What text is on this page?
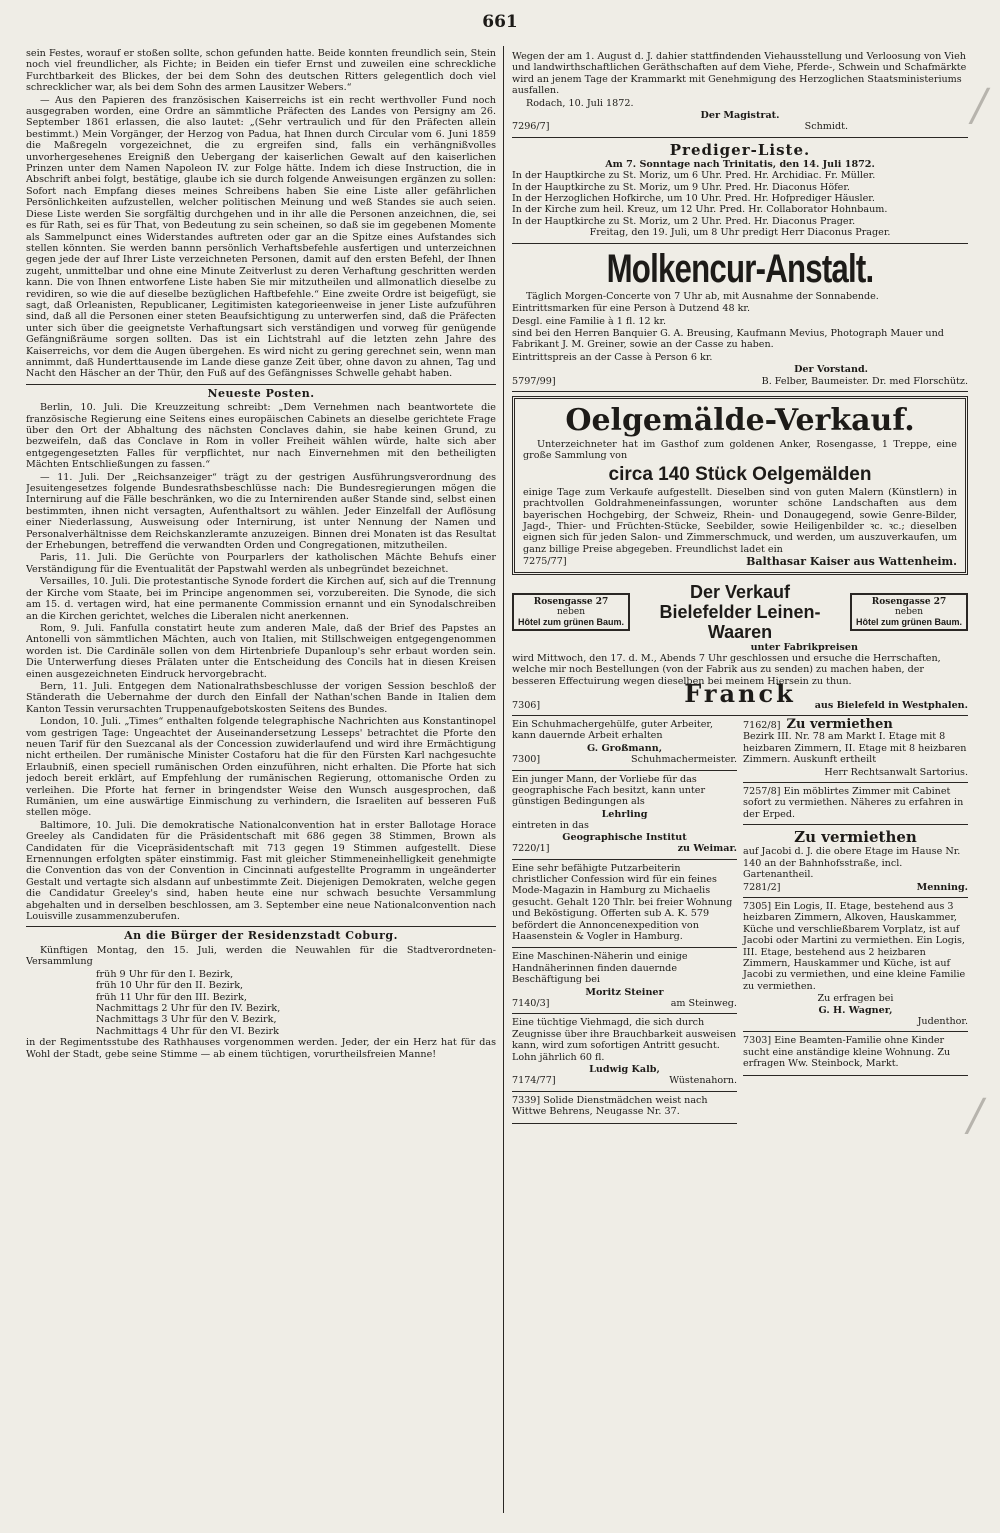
661

sein Festes, worauf er stoßen sollte, schon gefunden hatte. Beide konnten freundlich sein, Stein noch viel freundlicher, als Fichte; in Beiden ein tiefer Ernst und zuweilen eine schreckliche Furchtbarkeit des Blickes, der bei dem Sohn des deutschen Ritters gelegentlich doch viel schrecklicher war, als bei dem Sohn des armen Lausitzer Webers.“

— Aus den Papieren des französischen Kaiserreichs ist ein recht werthvoller Fund noch ausgegraben worden, eine Ordre an sämmtliche Präfecten des Landes von Persigny am 26. September 1861 erlassen, die also lautet: „(Sehr vertraulich und für den Präfecten allein bestimmt.) Mein Vorgänger, der Herzog von Padua, hat Ihnen durch Circular vom 6. Juni 1859 die Maßregeln vorgezeichnet, die zu ergreifen sind, falls ein verhängnißvolles unvorhergesehenes Ereigniß den Uebergang der kaiserlichen Gewalt auf den kaiserlichen Prinzen unter dem Namen Napoleon IV. zur Folge hätte. Indem ich diese Instruction, die in Abschrift anbei folgt, bestätige, glaube ich sie durch folgende Anweisungen ergänzen zu sollen: Sofort nach Empfang dieses meines Schreibens haben Sie eine Liste aller gefährlichen Persönlichkeiten aufzustellen, welcher politischen Meinung und weß Standes sie auch seien. Diese Liste werden Sie sorgfältig durchgehen und in ihr alle die Personen anzeichnen, die, sei es für Rath, sei es für That, von Bedeutung zu sein scheinen, so daß sie im gegebenen Momente als Sammelpunct eines Widerstandes auftreten oder gar an die Spitze eines Aufstandes sich stellen könnten. Sie werden bannn persönlich Verhaftsbefehle ausfertigen und unterzeichnen gegen jede der auf Ihrer Liste verzeichneten Personen, damit auf den ersten Befehl, der Ihnen zugeht, unmittelbar und ohne eine Minute Zeitverlust zu deren Verhaftung geschritten werden kann. Die von Ihnen entworfene Liste haben Sie mir mitzutheilen und allmonatlich dieselbe zu revidiren, so wie die auf dieselbe bezüglichen Haftbefehle.“ Eine zweite Ordre ist beigefügt, sie sagt, daß Orleanisten, Republicaner, Legitimisten kategorieenweise in jener Liste aufzuführen sind, daß all die Personen einer steten Beaufsichtigung zu unterwerfen sind, daß die Präfecten unter sich über die geeignetste Verhaftungsart sich verständigen und vorweg für genügende Gefängnißräume sorgen sollten. Das ist ein Lichtstrahl auf die letzten zehn Jahre des Kaiserreichs, vor dem die Augen übergehen. Es wird nicht zu gering gerechnet sein, wenn man annimmt, daß Hunderttausende im Lande diese ganze Zeit über, ohne davon zu ahnen, Tag und Nacht den Häscher an der Thür, den Fuß auf des Gefängnisses Schwelle gehabt haben.

Neueste Posten.

Berlin, 10. Juli. Die Kreuzzeitung schreibt: „Dem Vernehmen nach beantwortete die französische Regierung eine Seitens eines europäischen Cabinets an dieselbe gerichtete Frage über den Ort der Abhaltung des nächsten Conclaves dahin, sie habe keinen Grund, zu bezweifeln, daß das Conclave in Rom in voller Freiheit wählen würde, halte sich aber entgegengesetzten Falles für verpflichtet, nur nach Einvernehmen mit den betheiligten Mächten Entschließungen zu fassen.“

— 11. Juli. Der „Reichsanzeiger“ trägt zu der gestrigen Ausführungsverordnung des Jesuitengesetzes folgende Bundesrathsbeschlüsse nach: Die Bundesregierungen mögen die Internirung auf die Fälle beschränken, wo die zu Internirenden außer Stande sind, selbst einen bestimmten, ihnen nicht versagten, Aufenthaltsort zu wählen. Jeder Einzelfall der Auflösung einer Niederlassung, Ausweisung oder Internirung, ist unter Nennung der Namen und Personalverhältnisse dem Reichskanzleramte anzuzeigen. Binnen drei Monaten ist das Resultat der Erhebungen, betreffend die verwandten Orden und Congregationen, mitzutheilen.

Paris, 11. Juli. Die Gerüchte von Pourparlers der katholischen Mächte Behufs einer Verständigung für die Eventualität der Papstwahl werden als unbegründet bezeichnet.

Versailles, 10. Juli. Die protestantische Synode fordert die Kirchen auf, sich auf die Trennung der Kirche vom Staate, bei im Principe angenommen sei, vorzubereiten. Die Synode, die sich am 15. d. vertagen wird, hat eine permanente Commission ernannt und ein Synodalschreiben an die Kirchen gerichtet, welches die Liberalen nicht anerkennen.

Rom, 9. Juli. Fanfulla constatirt heute zum anderen Male, daß der Brief des Papstes an Antonelli von sämmtlichen Mächten, auch von Italien, mit Stillschweigen entgegengenommen worden ist. Die Cardinäle sollen von dem Hirtenbriefe Dupanloup's sehr erbaut worden sein. Die Unterwerfung dieses Prälaten unter die Entscheidung des Concils hat in diesen Kreisen einen ausgezeichneten Eindruck hervorgebracht.

Bern, 11. Juli. Entgegen dem Nationalrathsbeschlusse der vorigen Session beschloß der Ständerath die Uebernahme der durch den Einfall der Nathan'schen Bande in Italien dem Kanton Tessin verursachten Truppenaufgebotskosten Seitens des Bundes.

London, 10. Juli. „Times“ enthalten folgende telegraphische Nachrichten aus Konstantinopel vom gestrigen Tage: Ungeachtet der Auseinandersetzung Lesseps' betrachtet die Pforte den neuen Tarif für den Suezcanal als der Concession zuwiderlaufend und wird ihre Ermächtigung nicht ertheilen. Der rumänische Minister Costaforu hat die für den Fürsten Karl nachgesuchte Erlaubniß, einen speciell rumänischen Orden einzuführen, nicht erhalten. Die Pforte hat sich jedoch bereit erklärt, auf Empfehlung der rumänischen Regierung, ottomanische Orden zu verleihen. Die Pforte hat ferner in bringendster Weise den Wunsch ausgesprochen, daß Rumänien, um eine auswärtige Einmischung zu verhindern, die Israeliten auf besseren Fuß stellen möge.

Baltimore, 10. Juli. Die demokratische Nationalconvention hat in erster Ballotage Horace Greeley als Candidaten für die Präsidentschaft mit 686 gegen 38 Stimmen, Brown als Candidaten für die Vicepräsidentschaft mit 713 gegen 19 Stimmen aufgestellt. Diese Ernennungen erfolgten später einstimmig. Fast mit gleicher Stimmeneinhelligkeit genehmigte die Convention das von der Convention in Cincinnati aufgestellte Programm in ungeänderter Gestalt und vertagte sich alsdann auf unbestimmte Zeit. Diejenigen Demokraten, welche gegen die Candidatur Greeley's sind, haben heute eine nur schwach besuchte Versammlung abgehalten und in derselben beschlossen, am 3. September eine neue Nationalconvention nach Louisville zusammenzuberufen.

An die Bürger der Residenzstadt Coburg.

Künftigen Montag, den 15. Juli, werden die Neuwahlen für die Stadtverordneten-Versammlung

früh 9 Uhr für den I. Bezirk,
früh 10 Uhr für den II. Bezirk,
früh 11 Uhr für den III. Bezirk,
Nachmittags 2 Uhr für den IV. Bezirk,
Nachmittags 3 Uhr für den V. Bezirk,
Nachmittags 4 Uhr für den VI. Bezirk

in der Regimentsstube des Rathhauses vorgenommen werden. Jeder, der ein Herz hat für das Wohl der Stadt, gebe seine Stimme — ab einem tüchtigen, vorurtheilsfreien Manne!

Wegen der am 1. August d. J. dahier stattfindenden Viehausstellung und Verloosung von Vieh und landwirthschaftlichen Geräthschaften auf dem Viehe, Pferde-, Schwein und Schafmärkte wird an jenem Tage der Krammarkt mit Genehmigung des Herzoglichen Staatsministeriums ausfallen.

Rodach, 10. Juli 1872.

Der Magistrat.
7296/7]	Schmidt.
Prediger-Liste.
Am 7. Sonntage nach Trinitatis, den 14. Juli 1872.
In der Hauptkirche zu St. Moriz, um 6 Uhr. Pred. Hr. Archidiac. Fr. Müller.
In der Hauptkirche zu St. Moriz, um 9 Uhr. Pred. Hr. Diaconus Höfer.
In der Herzoglichen Hofkirche, um 10 Uhr. Pred. Hr. Hofprediger Häusler.
In der Kirche zum heil. Kreuz, um 12 Uhr. Pred. Hr. Collaborator Hohnbaum.
In der Hauptkirche zu St. Moriz, um 2 Uhr. Pred. Hr. Diaconus Prager.
Freitag, den 19. Juli, um 8 Uhr predigt Herr Diaconus Prager.
Molkencur-Anstalt.

Täglich Morgen-Concerte von 7 Uhr ab, mit Ausnahme der Sonnabende.

Eintrittsmarken für eine Person à Dutzend 48 kr.

Desgl. eine Familie à 1 fl. 12 kr.

sind bei den Herren Banquier G. A. Breusing, Kaufmann Mevius, Photograph Mauer und Fabrikant J. M. Greiner, sowie an der Casse zu haben.

Eintrittspreis an der Casse à Person 6 kr.

Der Vorstand.
5797/99]	B. Felber, Baumeister. Dr. med Florschütz.
Oelgemälde-Verkauf.

Unterzeichneter hat im Gasthof zum goldenen Anker, Rosengasse, 1 Treppe, eine große Sammlung von

circa 140 Stück Oelgemälden

einige Tage zum Verkaufe aufgestellt. Dieselben sind von guten Malern (Künstlern) in prachtvollen Goldrahmeneinfassungen, worunter schöne Landschaften aus dem bayerischen Hochgebirg, der Schweiz, Rhein- und Donaugegend, sowie Genre-Bilder, Jagd-, Thier- und Früchten-Stücke, Seebilder, sowie Heiligenbilder ꝛc. ꝛc.; dieselben eignen sich für jeden Salon- und Zimmerschmuck, und werden, um auszuverkaufen, um ganz billige Preise abgegeben. Freundlichst ladet ein

7275/77]	Balthasar Kaiser aus Wattenheim.
Rosengasse 27
neben
Hôtel zum grünen Baum.
Der Verkauf
Bielefelder Leinen-
Waaren
Rosengasse 27
neben
Hôtel zum grünen Baum.
unter Fabrikpreisen

wird Mittwoch, den 17. d. M., Abends 7 Uhr geschlossen und ersuche die Herrschaften, welche mir noch Bestellungen (von der Fabrik aus zu senden) zu machen haben, der besseren Effectuirung wegen dieselben bei meinem Hiersein zu thun.

Franck
7306]	aus Bielefeld in Westphalen.

Ein Schuhmachergehülfe, guter Arbeiter, kann dauernde Arbeit erhalten

G. Großmann,
7300]	Schuhmachermeister.

Ein junger Mann, der Vorliebe für das geographische Fach besitzt, kann unter günstigen Bedingungen als

Lehrling
eintreten in das
Geographische Institut
7220/1]	zu Weimar.

Eine sehr befähigte Putzarbeiterin christlicher Confession wird für ein feines Mode-Magazin in Hamburg zu Michaelis gesucht. Gehalt 120 Thlr. bei freier Wohnung und Beköstigung. Offerten sub A. K. 579 befördert die Annoncenexpedition von Haasenstein & Vogler in Hamburg.

Eine Maschinen-Näherin und einige Handnäherinnen finden dauernde Beschäftigung bei

Moritz Steiner
7140/3]	am Steinweg.

Eine tüchtige Viehmagd, die sich durch Zeugnisse über ihre Brauchbarkeit ausweisen kann, wird zum sofortigen Antritt gesucht. Lohn jährlich 60 fl.

Ludwig Kalb,
7174/77]	Wüstenahorn.

7339] Solide Dienstmädchen weist nach Wittwe Behrens, Neugasse Nr. 37.

7162/8] Zu vermiethen

Bezirk III. Nr. 78 am Markt I. Etage mit 8 heizbaren Zimmern, II. Etage mit 8 heizbaren Zimmern. Auskunft ertheilt

Herr Rechtsanwalt Sartorius.
7257/8] Ein möblirtes Zimmer mit Cabinet sofort zu vermiethen. Näheres zu erfahren in der Erped.
Zu vermiethen

auf Jacobi d. J. die obere Etage im Hause Nr. 140 an der Bahnhofsstraße, incl. Gartenantheil.

7281/2]	Menning.

7305] Ein Logis, II. Etage, bestehend aus 3 heizbaren Zimmern, Alkoven, Hauskammer, Küche und verschließbarem Vorplatz, ist auf Jacobi oder Martini zu vermiethen. Ein Logis, III. Etage, bestehend aus 2 heizbaren Zimmern, Hauskammer und Küche, ist auf Jacobi zu vermiethen, und eine kleine Familie zu vermiethen.

Zu erfragen bei
G. H. Wagner,
Judenthor.

7303] Eine Beamten-Familie ohne Kinder sucht eine anständige kleine Wohnung. Zu erfragen Ww. Steinbock, Markt.

/
/
